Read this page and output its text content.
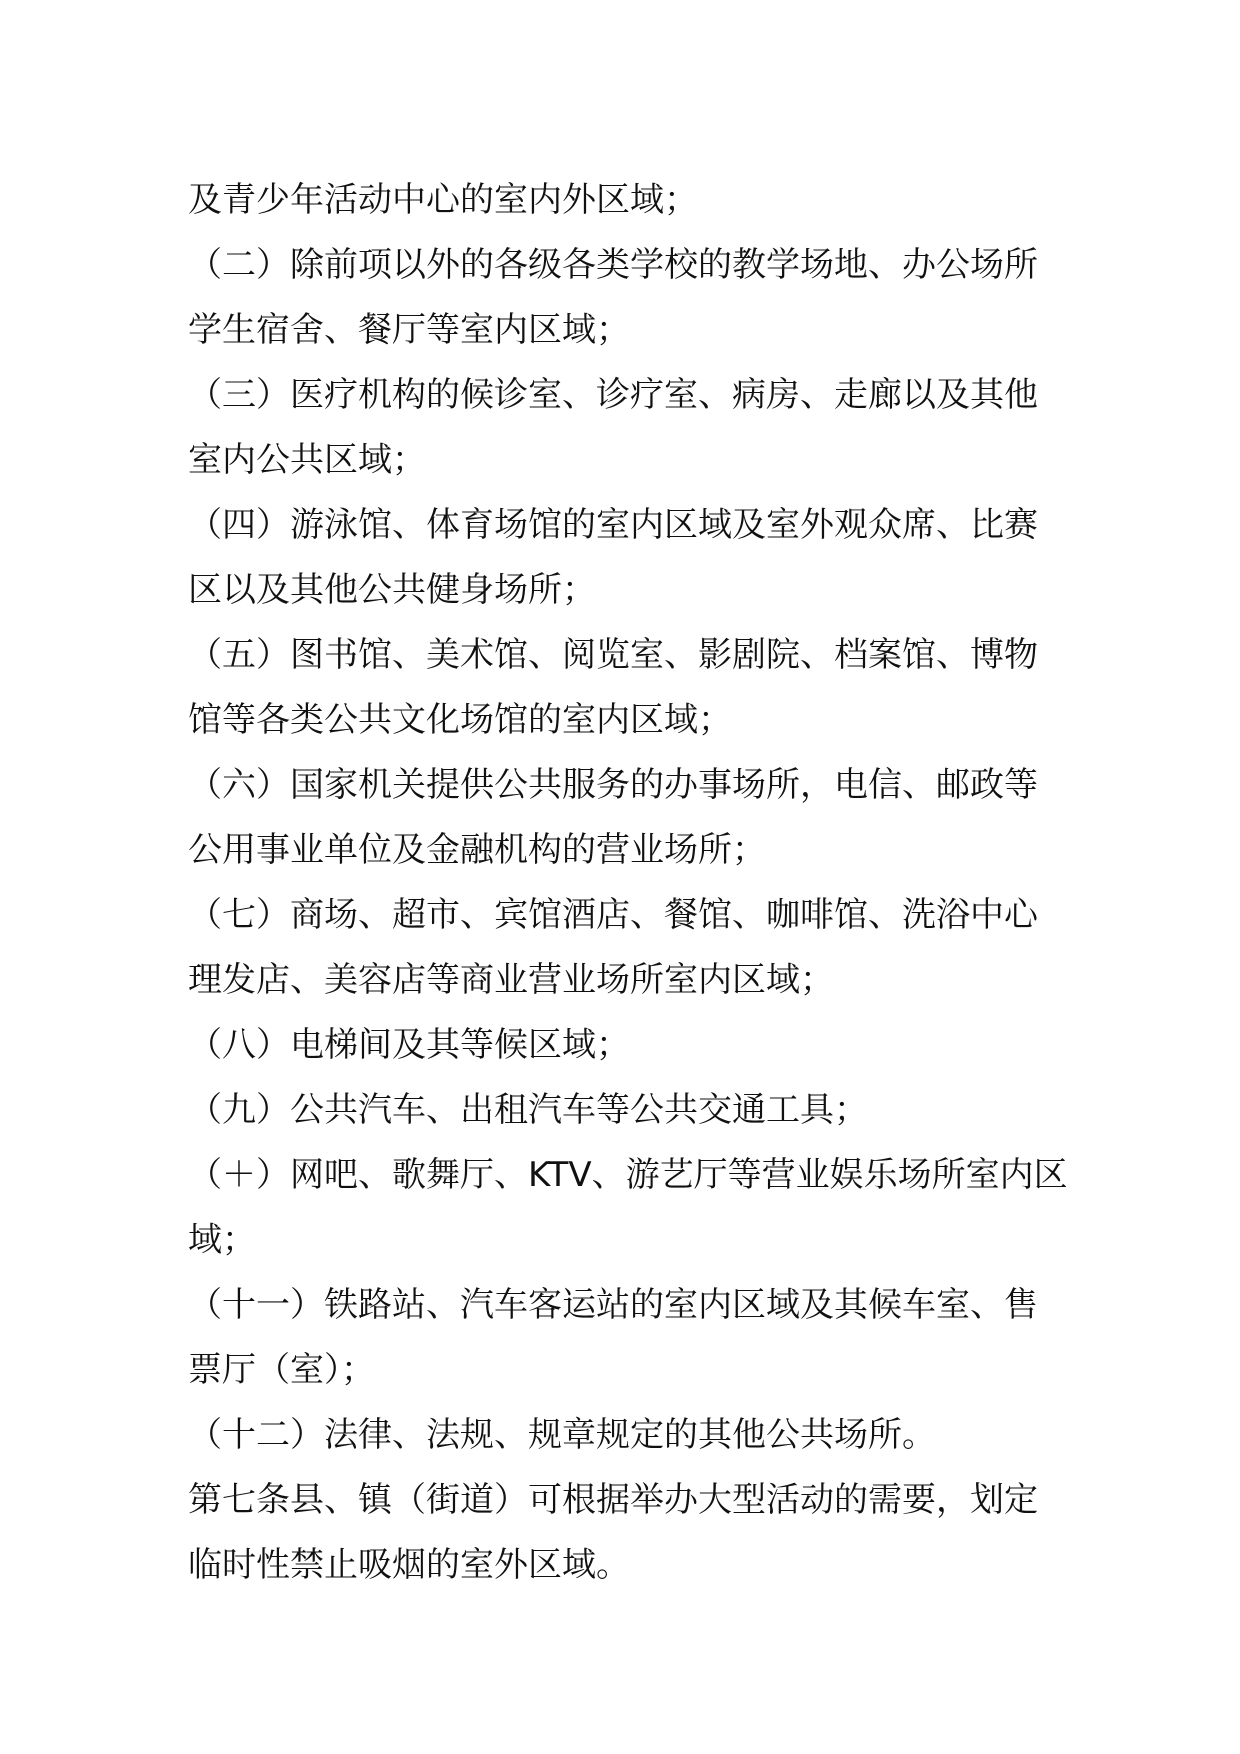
及青少年活动中心的室内外区域；
（二）除前项以外的各级各类学校的教学场地、办公场所
学生宿舍、餐厅等室内区域；
（三）医疗机构的候诊室、诊疗室、病房、走廊以及其他
室内公共区域；
（四）游泳馆、体育场馆的室内区域及室外观众席、比赛
区以及其他公共健身场所；
（五）图书馆、美术馆、阅览室、影剧院、档案馆、博物
馆等各类公共文化场馆的室内区域；
（六）国家机关提供公共服务的办事场所，电信、邮政等
公用事业单位及金融机构的营业场所；
（七）商场、超市、宾馆酒店、餐馆、咖啡馆、洗浴中心
理发店、美容店等商业营业场所室内区域；
（八）电梯间及其等候区域；
（九）公共汽车、出租汽车等公共交通工具；
（＋）网吧、歌舞厅、KTV、游艺厅等营业娱乐场所室内区
域；
（十一）铁路站、汽车客运站的室内区域及其候车室、售
票厅（室）；
（十二）法律、法规、规章规定的其他公共场所。
第七条县、镇（街道）可根据举办大型活动的需要，划定
临时性禁止吸烟的室外区域。
